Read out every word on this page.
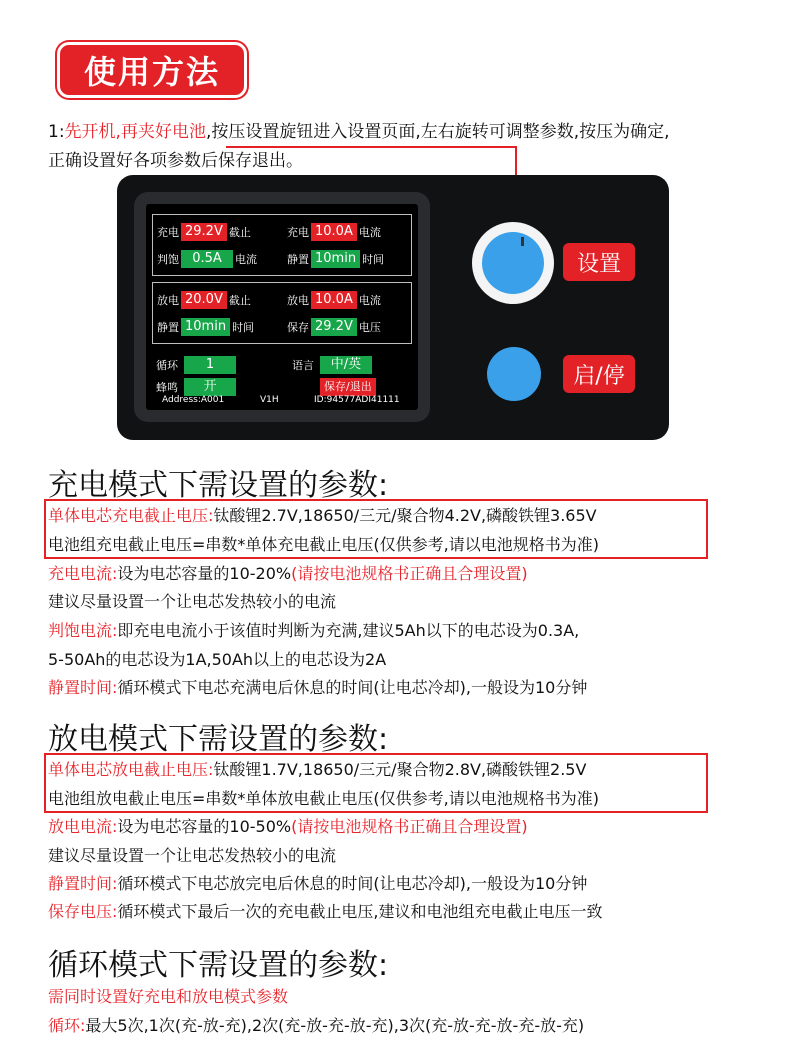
使用方法
1:先开机,再夹好电池,按压设置旋钮进入设置页面,左右旋转可调整参数,按压为确定,
正确设置好各项参数后保存退出。
充电 29.2V 截止	充电 10.0A 电流
判饱	0.5A	电流	静置 10min 时间
放电 20.0V 截止	放电 10.0A 电流
静置 10min 时间	保存 29.2V 电压
循环	1	语言	中/英
蜂鸣	开	保存/退出
Address:A001	V1H	ID:94577ADI41111
设置
启/停
充电模式下需设置的参数:
单体电芯充电截止电压:钛酸锂2.7V,18650/三元/聚合物4.2V,磷酸铁锂3.65V
电池组充电截止电压=串数*单体充电截止电压(仅供参考,请以电池规格书为准)
充电电流:设为电芯容量的10-20%(请按电池规格书正确且合理设置)
建议尽量设置一个让电芯发热较小的电流
判饱电流:即充电电流小于该值时判断为充满,建议5Ah以下的电芯设为0.3A,
5-50Ah的电芯设为1A,50Ah以上的电芯设为2A
静置时间:循环模式下电芯充满电后休息的时间(让电芯冷却),一般设为10分钟
放电模式下需设置的参数:
单体电芯放电截止电压:钛酸锂1.7V,18650/三元/聚合物2.8V,磷酸铁锂2.5V
电池组放电截止电压=串数*单体放电截止电压(仅供参考,请以电池规格书为准)
放电电流:设为电芯容量的10-50%(请按电池规格书正确且合理设置)
建议尽量设置一个让电芯发热较小的电流
静置时间:循环模式下电芯放完电后休息的时间(让电芯冷却),一般设为10分钟
保存电压:循环模式下最后一次的充电截止电压,建议和电池组充电截止电压一致
循环模式下需设置的参数:
需同时设置好充电和放电模式参数
循环:最大5次,1次(充-放-充),2次(充-放-充-放-充),3次(充-放-充-放-充-放-充)
